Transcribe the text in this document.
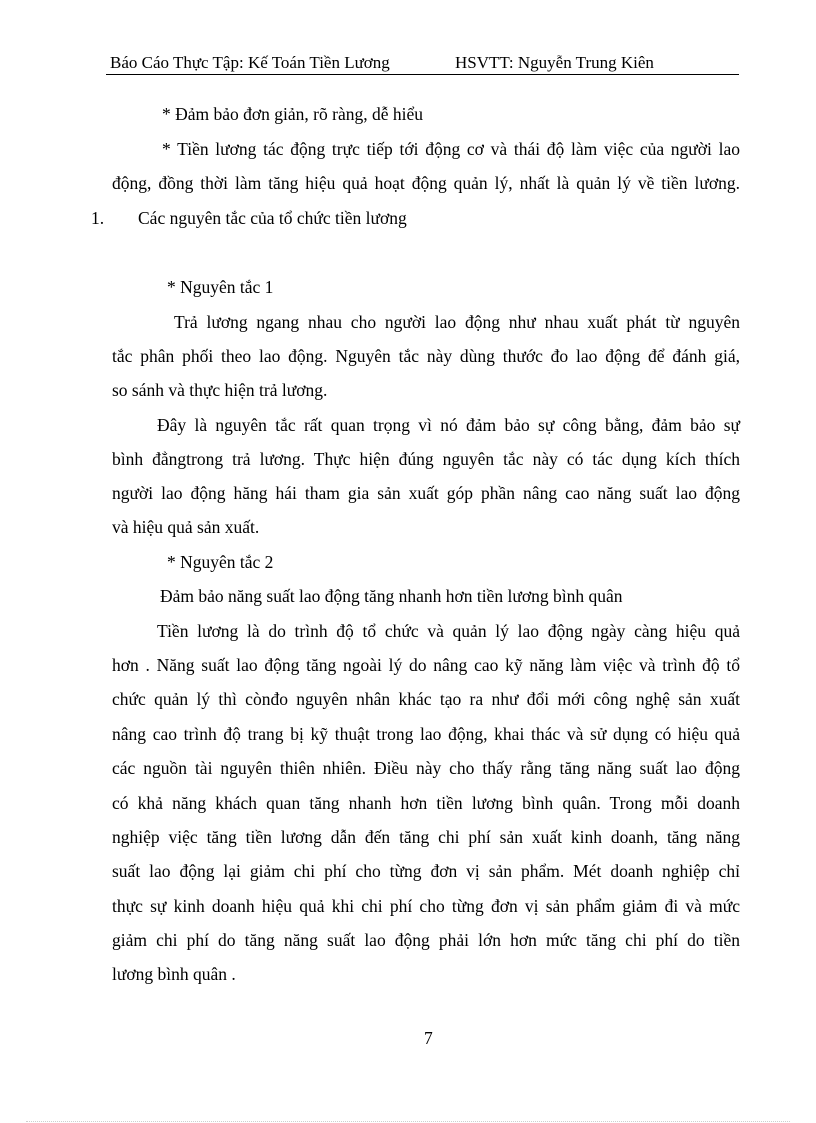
Báo Cáo Thực Tập: Kế Toán Tiền Lương	HSVTT: Nguyễn Trung Kiên
* Đảm bảo đơn giản, rõ ràng, dễ hiểu
* Tiền lương tác động trực tiếp tới động cơ và thái độ làm việc của người lao
động, đồng thời làm tăng hiệu quả hoạt động quản lý, nhất là quản lý về tiền lương.
1. Các nguyên tắc của tổ chức tiền lương
* Nguyên tắc 1
Trả lương ngang nhau cho người lao động như nhau xuất phát từ nguyên
tắc phân phối theo lao động. Nguyên tắc này dùng thước đo lao động để đánh giá,
so sánh và thực hiện trả lương.
Đây là nguyên tắc rất quan trọng vì nó đảm bảo sự công bằng, đảm bảo sự
bình đẳngtrong trả lương. Thực hiện đúng nguyên tắc này có tác dụng kích thích
người lao động hăng hái tham gia sản xuất góp phần nâng cao năng suất lao động
và hiệu quả sản xuất.
* Nguyên tắc 2
Đảm bảo năng suất lao động tăng nhanh hơn tiền lương bình quân
Tiền lương là do trình độ tổ chức và quản lý lao động ngày càng hiệu quả
hơn . Năng suất lao động tăng ngoài lý do nâng cao kỹ năng làm việc và trình độ tổ
chức quản lý thì cònđo nguyên nhân khác tạo ra như đổi mới công nghệ sản xuất
nâng cao trình độ trang bị kỹ thuật trong lao động, khai thác và sử dụng có hiệu quả
các nguồn tài nguyên thiên nhiên. Điều này cho thấy rằng tăng năng suất lao động
có khả năng khách quan tăng nhanh hơn tiền lương bình quân. Trong mỗi doanh
nghiệp việc tăng tiền lương dẫn đến tăng chi phí sản xuất kinh doanh, tăng năng
suất lao động lại giảm chi phí cho từng đơn vị sản phẩm. Mét doanh nghiệp chỉ
thực sự kinh doanh hiệu quả khi chi phí cho từng đơn vị sản phẩm giảm đi và mức
giảm chi phí do tăng năng suất lao động phải lớn hơn mức tăng chi phí do tiền
lương bình quân .
7
